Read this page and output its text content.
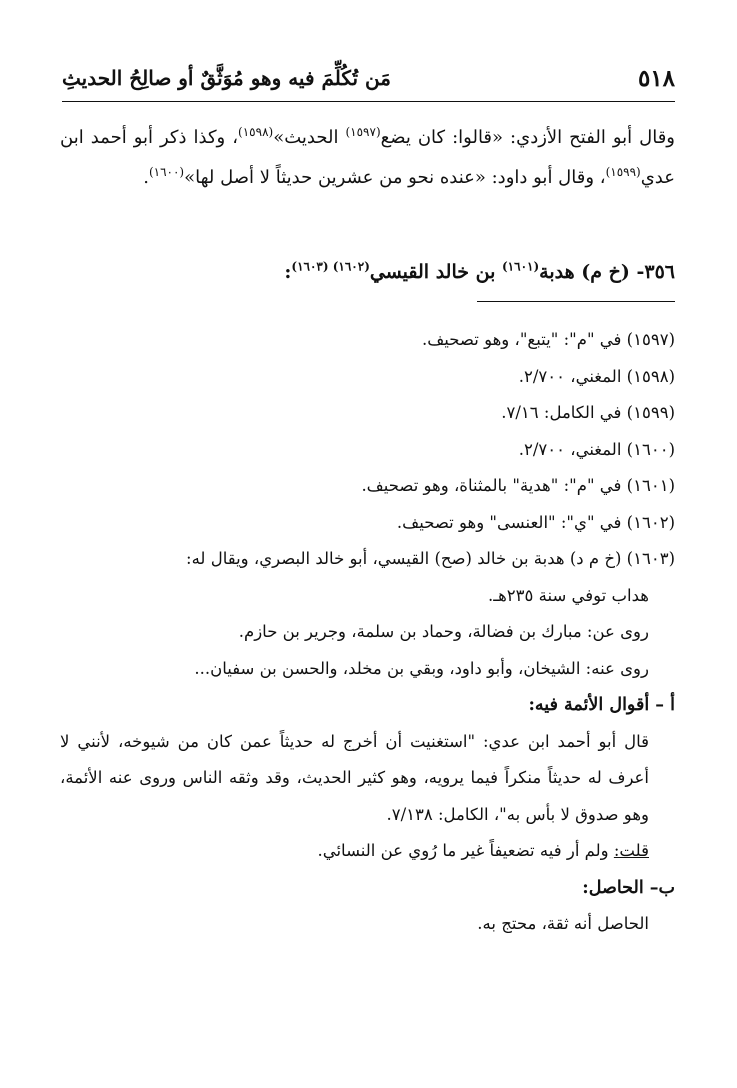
٥١٨
مَن تُكُلِّمَ فيه وهو مُوَثَّقٌ أو صالِحُ الحديثِ

وقال أبو الفتح الأزدي: «قالوا: كان يضع$^{(١٥٩٧)}$ الحديث»$^{(١٥٩٨)}$، وكذا ذكر أبو أحمد ابن عدي$^{(١٥٩٩)}$، وقال أبو داود: «عنده نحو من عشرين حديثاً لا أصل لها»$^{(١٦٠٠)}$.

٣٥٦- (خ م) هدبة$^{(١٦٠١)}$ بن خالد القيسي$^{(١٦٠٢) (١٦٠٣)}$:
(١٥٩٧) في "م": "يتبع"، وهو تصحيف.
(١٥٩٨) المغني، ٢/٧٠٠.
(١٥٩٩) في الكامل: ٧/١٦.
(١٦٠٠) المغني، ٢/٧٠٠.
(١٦٠١) في "م": "هدية" بالمثناة، وهو تصحيف.
(١٦٠٢) في "ي": "العنسى" وهو تصحيف.
(١٦٠٣) (خ م د) هدبة بن خالد (صح) القيسي، أبو خالد البصري، ويقال له:
هداب توفي سنة ٢٣٥هـ.
روى عن: مبارك بن فضالة، وحماد بن سلمة، وجرير بن حازم.
روى عنه: الشيخان، وأبو داود، وبقي بن مخلد، والحسن بن سفيان...
أ – أقوال الأئمة فيه:
قال أبو أحمد ابن عدي: "استغنيت أن أخرج له حديثاً عمن كان من شيوخه، لأنني لا أعرف له حديثاً منكراً فيما يرويه، وهو كثير الحديث، وقد وثقه الناس وروى عنه الأئمة، وهو صدوق لا بأس به"، الكامل: ٧/١٣٨.
قلت: ولم أر فيه تضعيفاً غير ما رُوي عن النسائي.
ب– الحاصل:
الحاصل أنه ثقة، محتج به.
